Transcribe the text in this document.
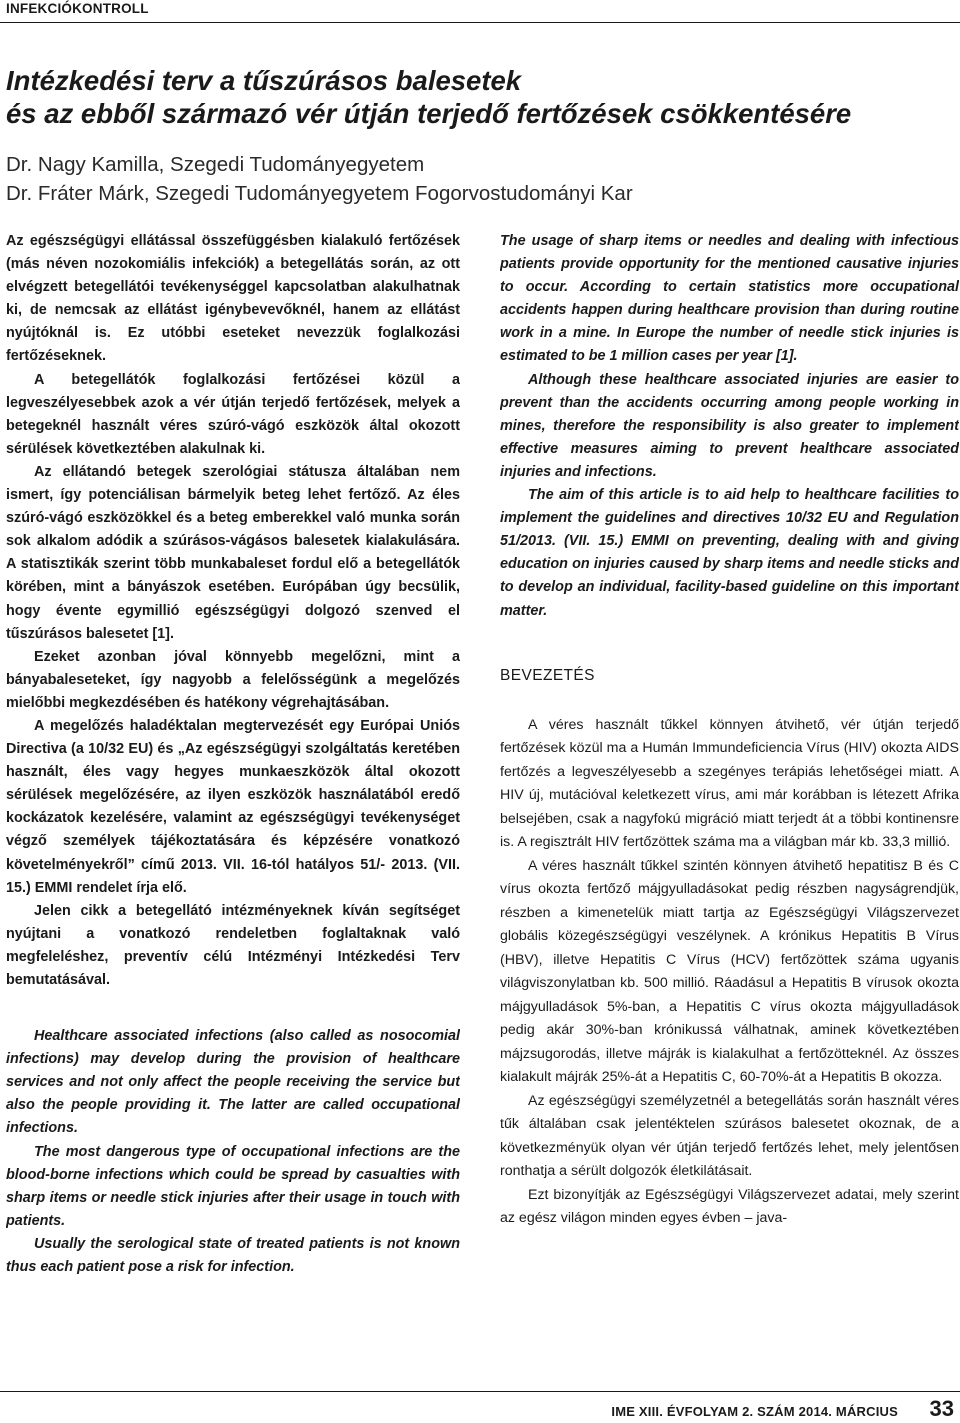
INFEKCIÓKONTROLL
Intézkedési terv a tűszúrásos balesetek
és az ebből származó vér útján terjedő fertőzések csökkentésére
Dr. Nagy Kamilla, Szegedi Tudományegyetem
Dr. Fráter Márk, Szegedi Tudományegyetem Fogorvostudományi Kar

Az egészségügyi ellátással összefüggésben kialakuló fertőzések (más néven nozokomiális infekciók) a betegellátás során, az ott elvégzett betegellátói tevékenységgel kapcsolatban alakulhatnak ki, de nemcsak az ellátást igénybevevőknél, hanem az ellátást nyújtóknál is. Ez utóbbi eseteket nevezzük foglalkozási fertőzéseknek.

A betegellátók foglalkozási fertőzései közül a legveszélyesebbek azok a vér útján terjedő fertőzések, melyek a betegeknél használt véres szúró-vágó eszközök által okozott sérülések következtében alakulnak ki.

Az ellátandó betegek szerológiai státusza általában nem ismert, így potenciálisan bármelyik beteg lehet fertőző. Az éles szúró-vágó eszközökkel és a beteg emberekkel való munka során sok alkalom adódik a szúrásos-vágásos balesetek kialakulására. A statisztikák szerint több munkabaleset fordul elő a betegellátók körében, mint a bányászok esetében. Európában úgy becsülik, hogy évente egymillió egészségügyi dolgozó szenved el tűszúrásos balesetet [1].

Ezeket azonban jóval könnyebb megelőzni, mint a bányabaleseteket, így nagyobb a felelősségünk a megelőzés mielőbbi megkezdésében és hatékony végrehajtásában.

A megelőzés haladéktalan megtervezését egy Európai Uniós Directiva (a 10/32 EU) és „Az egészségügyi szolgáltatás keretében használt, éles vagy hegyes munkaeszközök által okozott sérülések megelőzésére, az ilyen eszközök használatából eredő kockázatok kezelésére, valamint az egészségügyi tevékenységet végző személyek tájékoztatására és képzésére vonatkozó követelményekről” című 2013. VII. 16-tól hatályos 51/- 2013. (VII. 15.) EMMI rendelet írja elő.

Jelen cikk a betegellátó intézményeknek kíván segítséget nyújtani a vonatkozó rendeletben foglaltaknak való megfeleléshez, preventív célú Intézményi Intézkedési Terv bemutatásával.

Healthcare associated infections (also called as nosocomial infections) may develop during the provision of healthcare services and not only affect the people receiving the service but also the people providing it. The latter are called occupational infections.

The most dangerous type of occupational infections are the blood-borne infections which could be spread by casualties with sharp items or needle stick injuries after their usage in touch with patients.

Usually the serological state of treated patients is not known thus each patient pose a risk for infection.

The usage of sharp items or needles and dealing with infectious patients provide opportunity for the mentioned causative injuries to occur. According to certain statistics more occupational accidents happen during healthcare provision than during routine work in a mine. In Europe the number of needle stick injuries is estimated to be 1 million cases per year [1].

Although these healthcare associated injuries are easier to prevent than the accidents occurring among people working in mines, therefore the responsibility is also greater to implement effective measures aiming to prevent healthcare associated injuries and infections.

The aim of this article is to aid help to healthcare facilities to implement the guidelines and directives 10/32 EU and Regulation 51/2013. (VII. 15.) EMMI on preventing, dealing with and giving education on injuries caused by sharp items and needle sticks and to develop an individual, facility-based guideline on this important matter.

BEVEZETÉS

A véres használt tűkkel könnyen átvihető, vér útján terjedő fertőzések közül ma a Humán Immundeficiencia Vírus (HIV) okozta AIDS fertőzés a legveszélyesebb a szegényes terápiás lehetőségei miatt. A HIV új, mutációval keletkezett vírus, ami már korábban is létezett Afrika belsejében, csak a nagyfokú migráció miatt terjedt át a többi kontinensre is. A regisztrált HIV fertőzöttek száma ma a világban már kb. 33,3 millió.

A véres használt tűkkel szintén könnyen átvihető hepatitisz B és C vírus okozta fertőző májgyulladásokat pedig részben nagyságrendjük, részben a kimenetelük miatt tartja az Egészségügyi Világszervezet globális közegészségügyi veszélynek. A krónikus Hepatitis B Vírus (HBV), illetve Hepatitis C Vírus (HCV) fertőzöttek száma ugyanis világviszonylatban kb. 500 millió. Ráadásul a Hepatitis B vírusok okozta májgyulladások 5%-ban, a Hepatitis C vírus okozta májgyulladások pedig akár 30%-ban krónikussá válhatnak, aminek következtében májzsugorodás, illetve májrák is kialakulhat a fertőzötteknél. Az összes kialakult májrák 25%-át a Hepatitis C, 60-70%-át a Hepatitis B okozza.

Az egészségügyi személyzetnél a betegellátás során használt véres tűk általában csak jelentéktelen szúrásos balesetet okoznak, de a következményük olyan vér útján terjedő fertőzés lehet, mely jelentősen ronthatja a sérült dolgozók életkilátásait.

Ezt bizonyítják az Egészségügyi Világszervezet adatai, mely szerint az egész világon minden egyes évben – java-

IME XIII. ÉVFOLYAM 2. SZÁM 2014. MÁRCIUS 33
